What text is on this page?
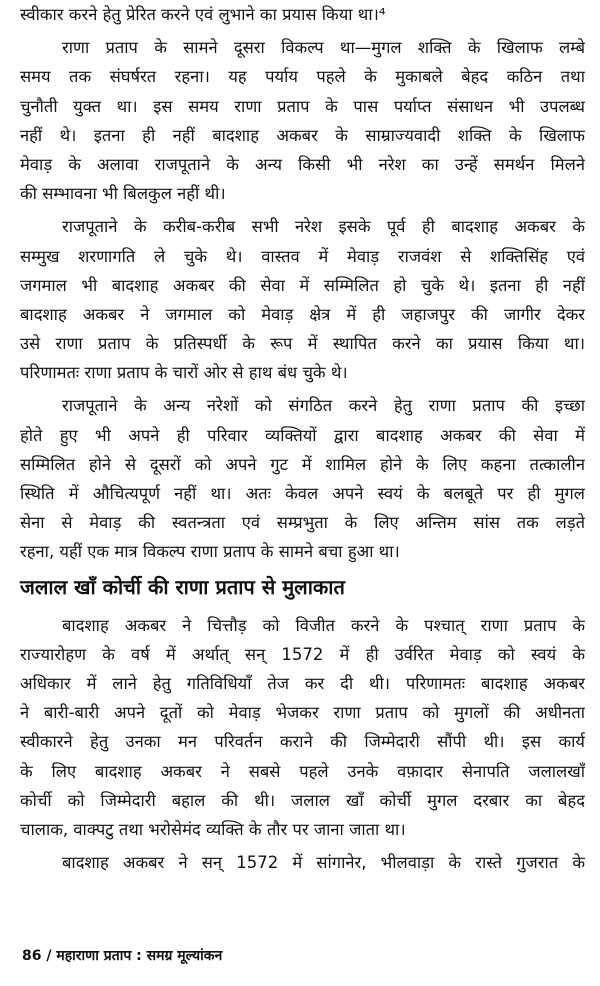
स्वीकार करने हेतु प्रेरित करने एवं लुभाने का प्रयास किया था।⁴
राणा प्रताप के सामने दूसरा विकल्प था—मुगल शक्ति के खिलाफ लम्बे
समय तक संघर्षरत रहना। यह पर्याय पहले के मुकाबले बेहद कठिन तथा
चुनौती युक्त था। इस समय राणा प्रताप के पास पर्याप्त संसाधन भी उपलब्ध
नहीं थे। इतना ही नहीं बादशाह अकबर के साम्राज्यवादी शक्ति के खिलाफ
मेवाड़ के अलावा राजपूताने के अन्य किसी भी नरेश का उन्हें समर्थन मिलने
की सम्भावना भी बिलकुल नहीं थी।
राजपूताने के करीब-करीब सभी नरेश इसके पूर्व ही बादशाह अकबर के
सम्मुख शरणागति ले चुके थे। वास्तव में मेवाड़ राजवंश से शक्तिसिंह एवं
जगमाल भी बादशाह अकबर की सेवा में सम्मिलित हो चुके थे। इतना ही नहीं
बादशाह अकबर ने जगमाल को मेवाड़ क्षेत्र में ही जहाजपुर की जागीर देकर
उसे राणा प्रताप के प्रतिस्पर्धी के रूप में स्थापित करने का प्रयास किया था।
परिणामतः राणा प्रताप के चारों ओर से हाथ बंध चुके थे।
राजपूताने के अन्य नरेशों को संगठित करने हेतु राणा प्रताप की इच्छा
होते हुए भी अपने ही परिवार व्यक्तियों द्वारा बादशाह अकबर की सेवा में
सम्मिलित होने से दूसरों को अपने गुट में शामिल होने के लिए कहना तत्कालीन
स्थिति में औचित्यपूर्ण नहीं था। अतः केवल अपने स्वयं के बलबूते पर ही मुगल
सेना से मेवाड़ की स्वतन्त्रता एवं सम्प्रभुता के लिए अन्तिम सांस तक लड़ते
रहना, यहीं एक मात्र विकल्प राणा प्रताप के सामने बचा हुआ था।
जलाल खाँ कोर्ची की राणा प्रताप से मुलाकात
बादशाह अकबर ने चित्तौड़ को विजीत करने के पश्चात् राणा प्रताप के
राज्यारोहण के वर्ष में अर्थात् सन् 1572 में ही उर्वरित मेवाड़ को स्वयं के
अधिकार में लाने हेतु गतिविधियाँ तेज कर दी थी। परिणामतः बादशाह अकबर
ने बारी-बारी अपने दूतों को मेवाड़ भेजकर राणा प्रताप को मुगलों की अधीनता
स्वीकारने हेतु उनका मन परिवर्तन कराने की जिम्मेदारी सौंपी थी। इस कार्य
के लिए बादशाह अकबर ने सबसे पहले उनके वफ़ादार सेनापति जलालखाँ
कोर्ची को जिम्मेदारी बहाल की थी। जलाल खाँ कोर्ची मुगल दरबार का बेहद
चालाक, वाक्पटु तथा भरोसेमंद व्यक्ति के तौर पर जाना जाता था।
बादशाह अकबर ने सन् 1572 में सांगानेर, भीलवाड़ा के रास्ते गुजरात के
86 / महाराणा प्रताप : समग्र मूल्यांकन
